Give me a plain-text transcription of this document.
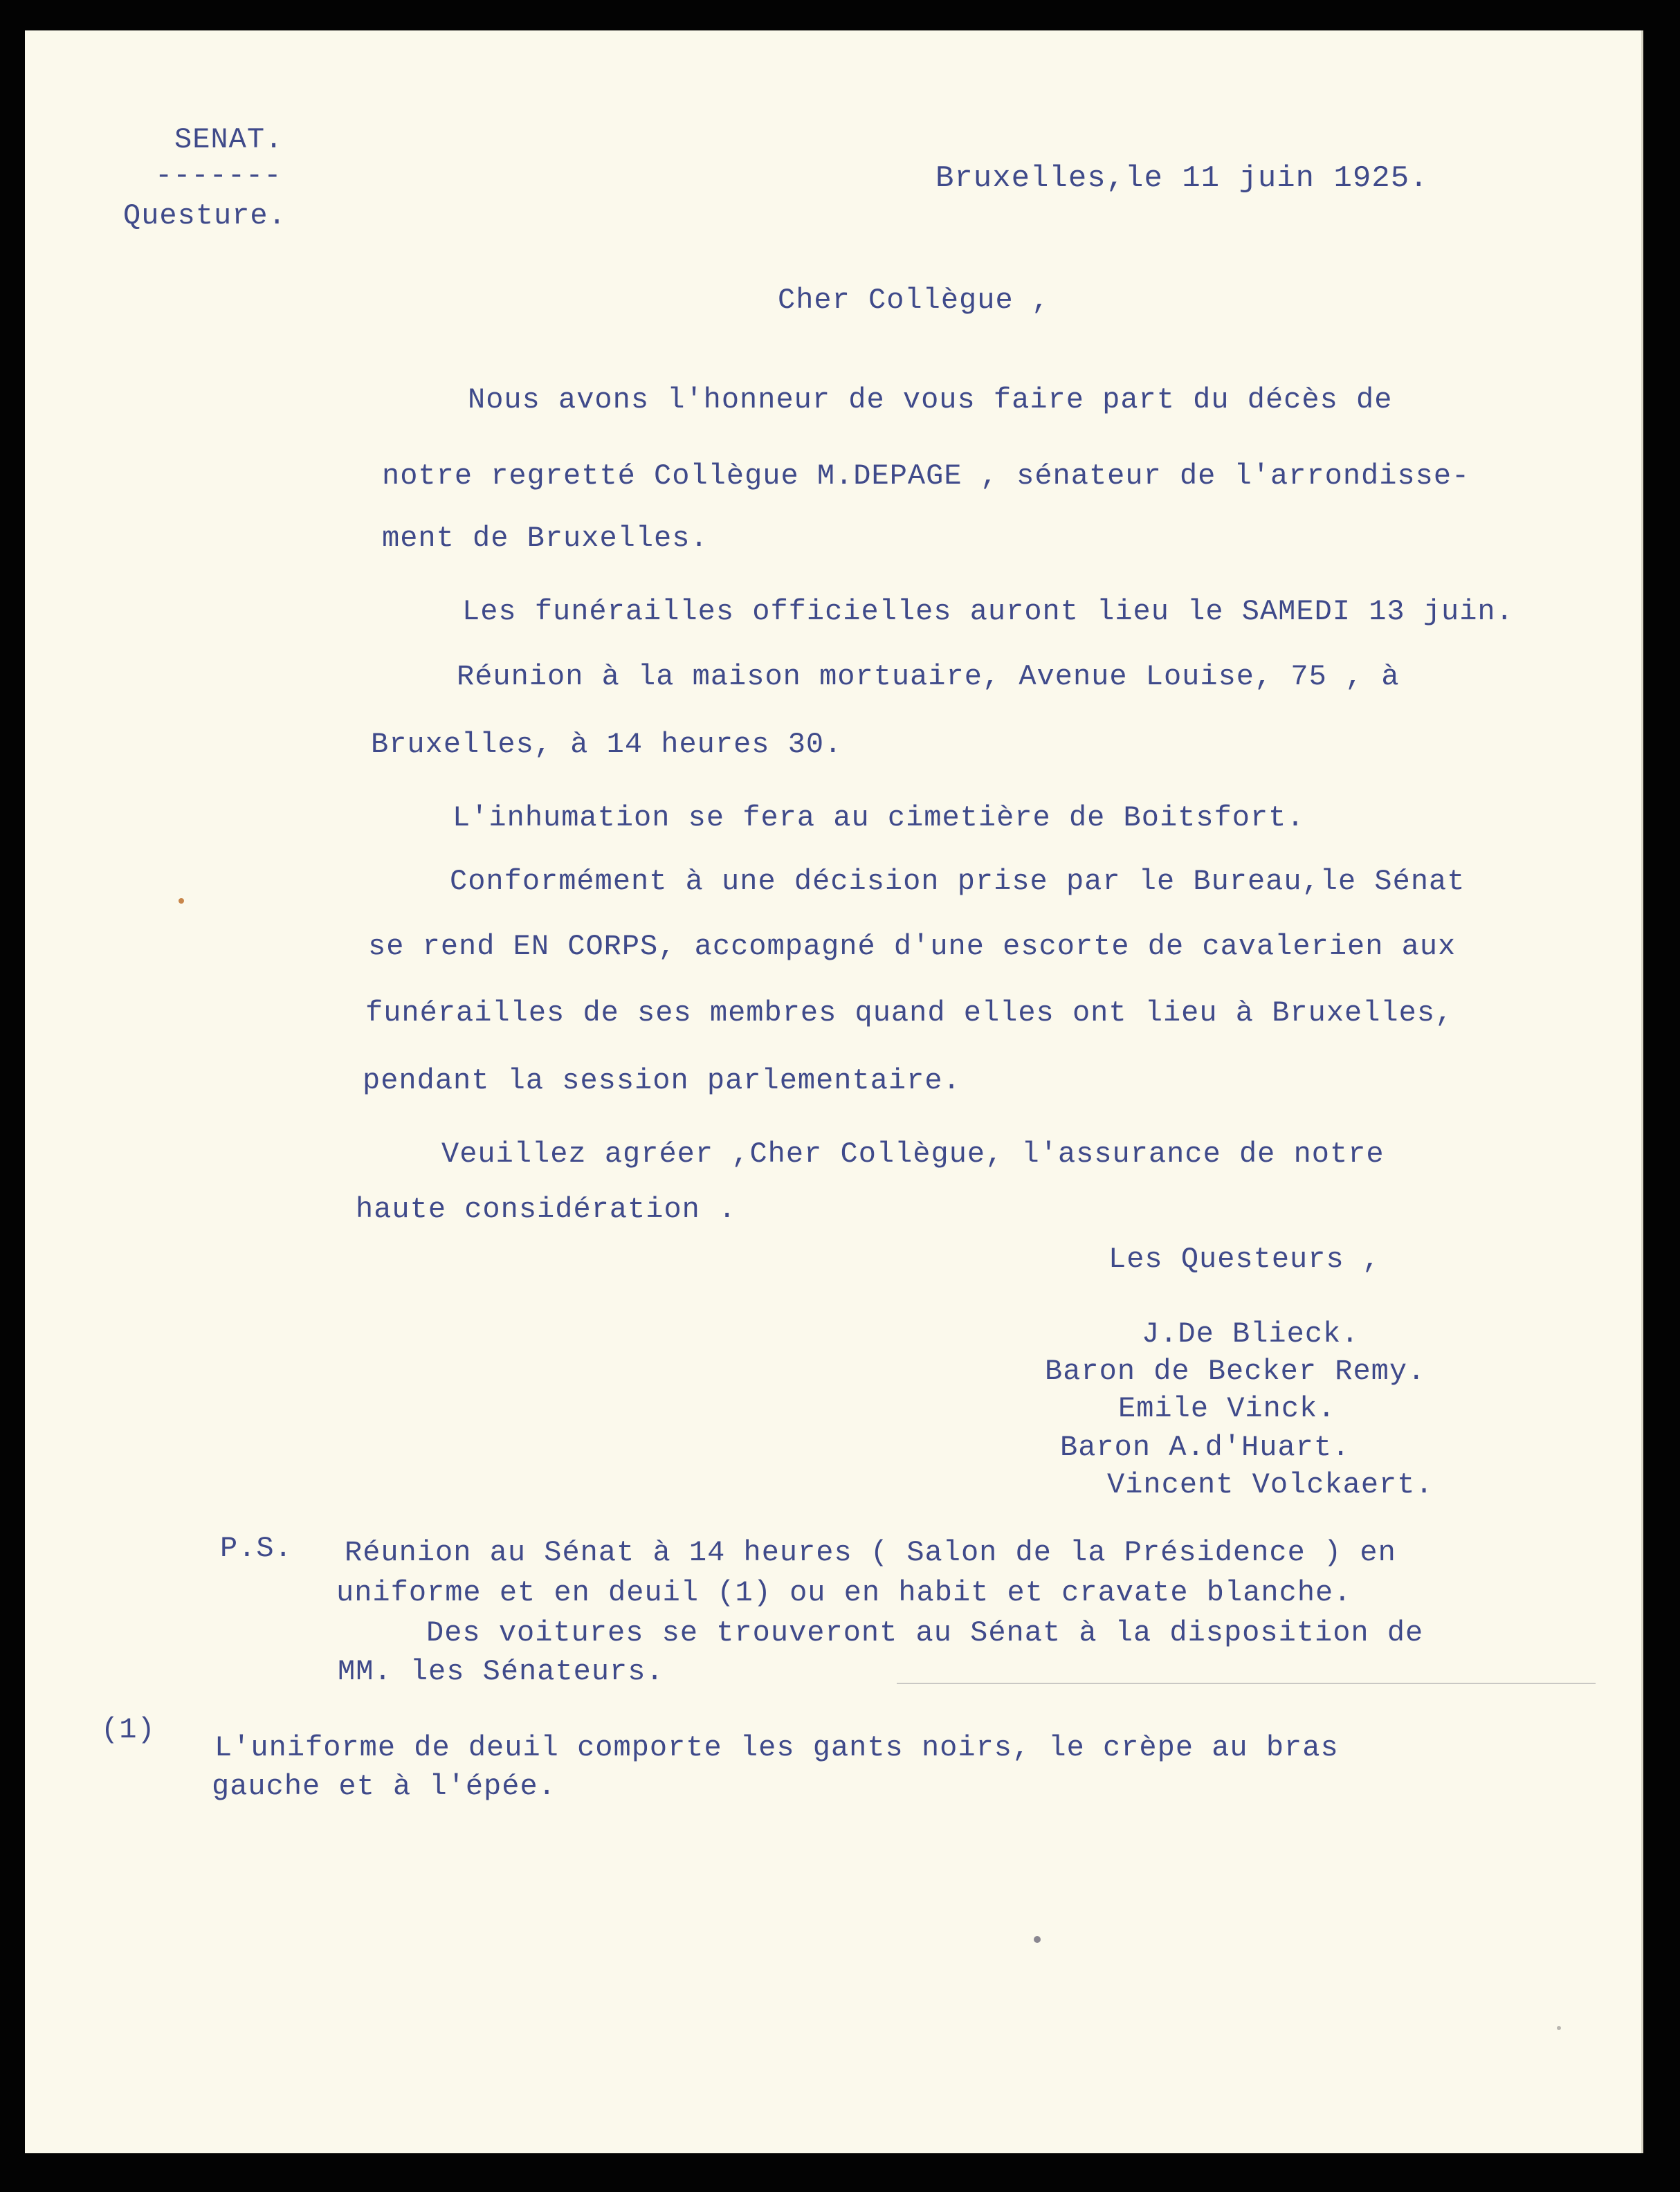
SENAT.

-------

Questure.

Bruxelles,le 11 juin 1925.

Cher Collègue ,

Nous avons l'honneur de vous faire part du décès de

notre regretté Collègue M.DEPAGE , sénateur de l'arrondisse-

ment de Bruxelles.

Les funérailles officielles auront lieu le SAMEDI 13 juin.

Réunion à la maison mortuaire, Avenue Louise, 75 , à

Bruxelles, à 14 heures 30.

L'inhumation se fera au cimetière de Boitsfort.

Conformément à une décision prise par le Bureau,le Sénat

se rend EN CORPS, accompagné d'une escorte de cavalerien aux

funérailles de ses membres quand elles ont lieu à Bruxelles,

pendant la session parlementaire.

Veuillez agréer ,Cher Collègue, l'assurance de notre

haute considération .

Les Questeurs ,

J.De Blieck.

Baron de Becker Remy.

Emile Vinck.

Baron A.d'Huart.

Vincent Volckaert.

P.S. Réunion au Sénat à 14 heures ( Salon de la Présidence ) en

uniforme et en deuil (1) ou en habit et cravate blanche.

Des voitures se trouveront au Sénat à la disposition de

MM. les Sénateurs.

(1)

L'uniforme de deuil comporte les gants noirs, le crèpe au bras

gauche et à l'épée.
